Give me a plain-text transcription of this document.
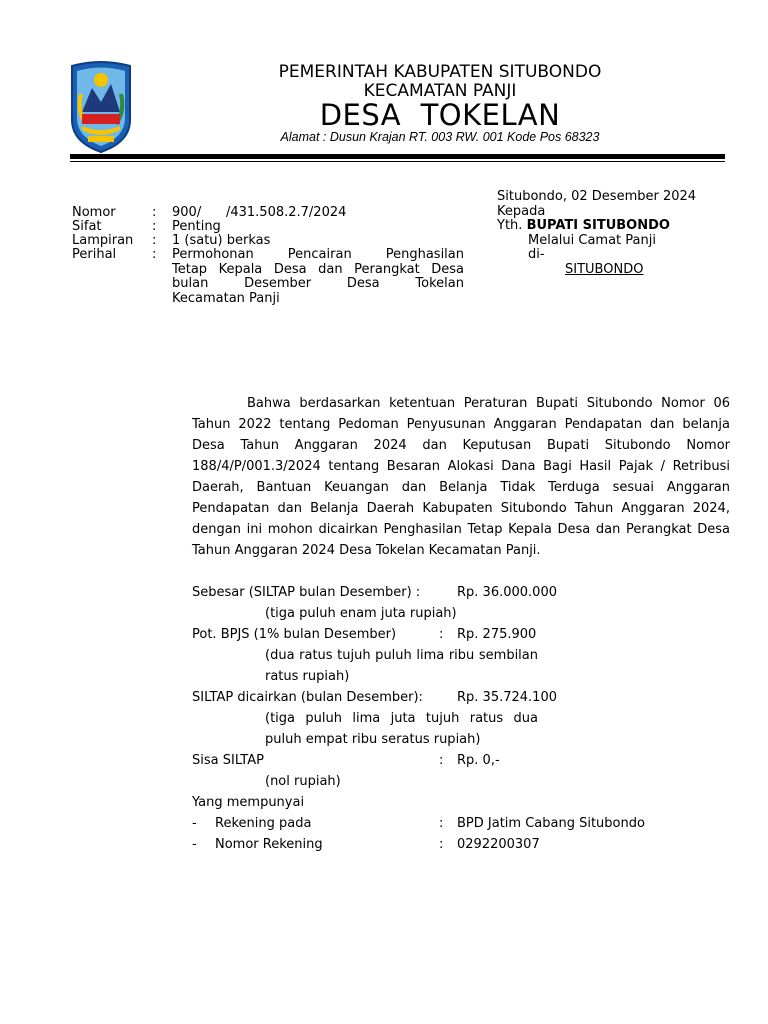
PEMERINTAH KABUPATEN SITUBONDO
KECAMATAN PANJI
DESA  TOKELAN
Alamat : Dusun Krajan RT. 003 RW. 001 Kode Pos 68323
Nomor	: 900/      /431.508.2.7/2024
Sifat	: Penting
Lampiran	: 1 (satu) berkas
Perihal	: Permohonan Pencairan Penghasilan
Tetap Kepala Desa dan Perangkat Desa
bulan Desember Desa Tokelan
Kecamatan Panji
Situbondo, 02 Desember 2024
Kepada
Yth. BUPATI SITUBONDO
Melalui Camat Panji
di-
SITUBONDO
Bahwa berdasarkan ketentuan Peraturan Bupati Situbondo Nomor 06 Tahun 2022 tentang Pedoman Penyusunan Anggaran Pendapatan dan belanja Desa Tahun Anggaran 2024 dan Keputusan Bupati Situbondo Nomor 188/4/P/001.3/2024 tentang Besaran Alokasi Dana Bagi Hasil Pajak / Retribusi Daerah, Bantuan Keuangan dan Belanja Tidak Terduga sesuai Anggaran Pendapatan dan Belanja Daerah Kabupaten Situbondo Tahun Anggaran 2024, dengan ini mohon dicairkan Penghasilan Tetap Kepala Desa dan Perangkat Desa Tahun Anggaran 2024 Desa Tokelan Kecamatan Panji.
Sebesar (SILTAP bulan Desember) :	Rp. 36.000.000
(tiga puluh enam juta rupiah)
Pot. BPJS (1% bulan Desember)	: Rp. 275.900
(dua ratus tujuh puluh lima ribu sembilan ratus rupiah)
SILTAP dicairkan (bulan Desember):	Rp. 35.724.100
(tiga puluh lima juta tujuh ratus dua puluh empat ribu seratus rupiah)
Sisa SILTAP	: Rp. 0,-
(nol rupiah)
Yang mempunyai
- Rekening pada	: BPD Jatim Cabang Situbondo
- Nomor Rekening	: 0292200307
